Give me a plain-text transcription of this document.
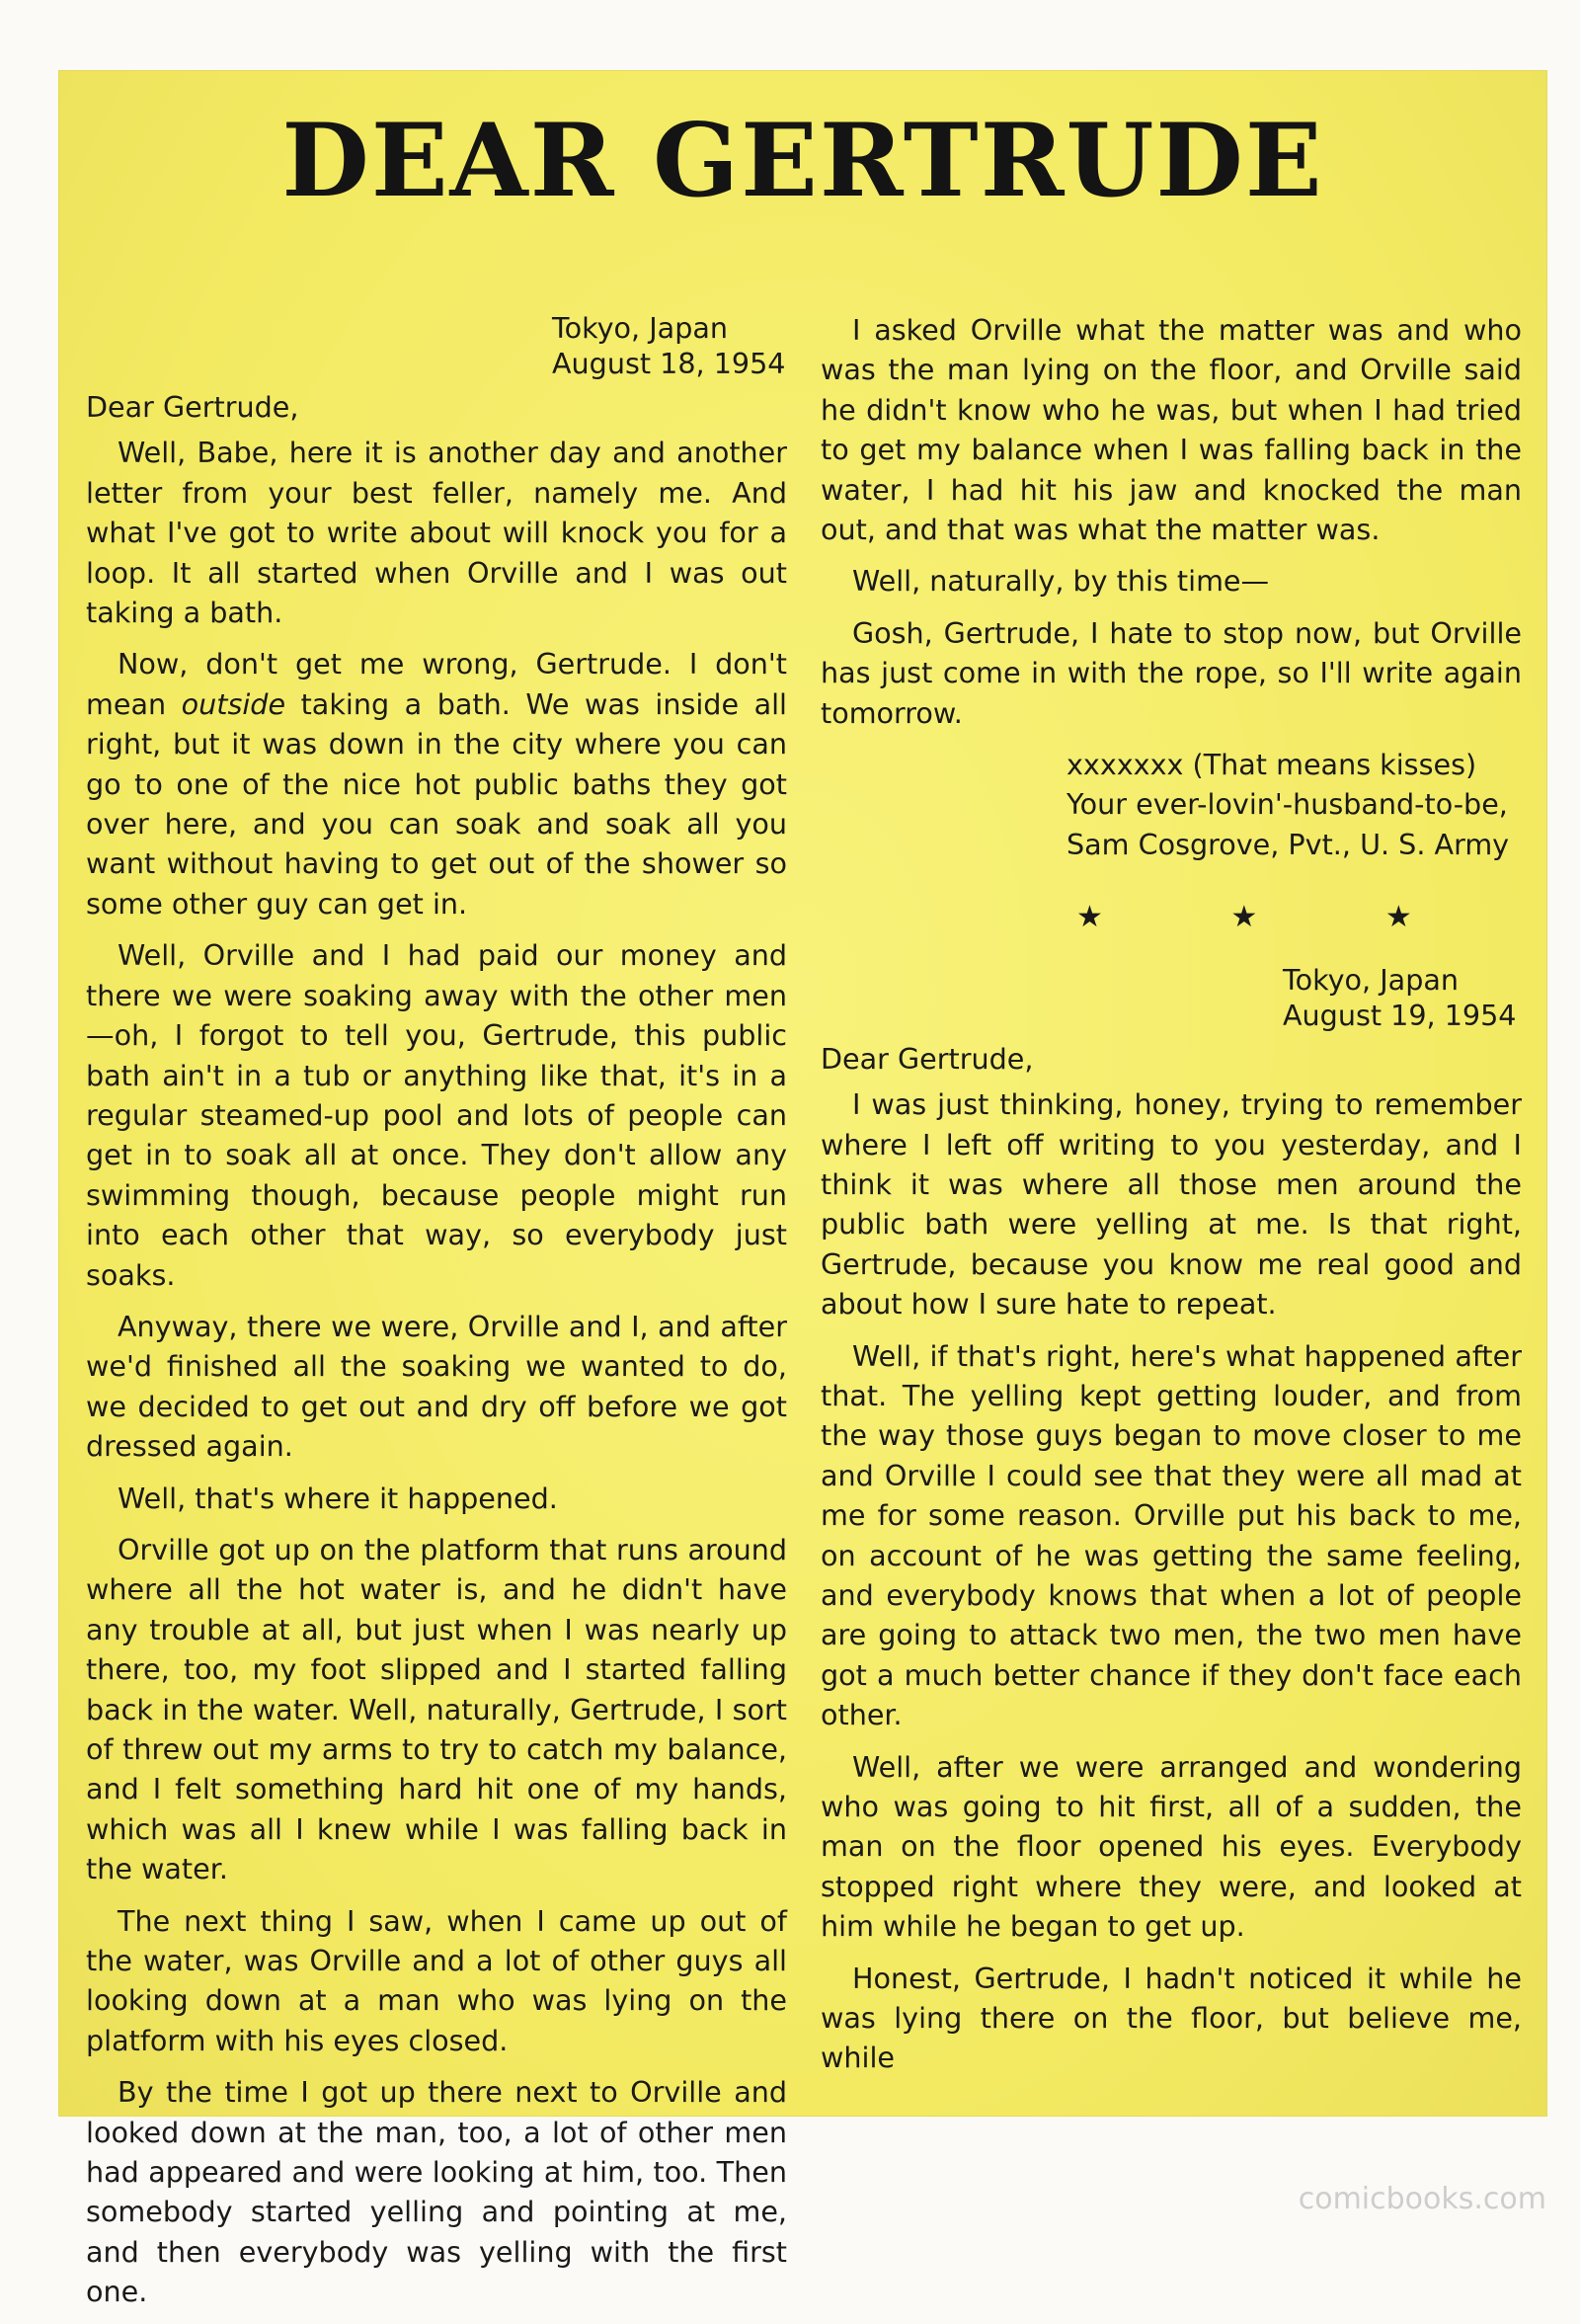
DEAR GERTRUDE
Tokyo, Japan
August 18, 1954
Dear Gertrude,

Well, Babe, here it is another day and another letter from your best feller, namely me. And what I've got to write about will knock you for a loop. It all started when Orville and I was out taking a bath.

Now, don't get me wrong, Gertrude. I don't mean outside taking a bath. We was inside all right, but it was down in the city where you can go to one of the nice hot public baths they got over here, and you can soak and soak all you want without having to get out of the shower so some other guy can get in.

Well, Orville and I had paid our money and there we were soaking away with the other men—oh, I forgot to tell you, Gertrude, this public bath ain't in a tub or anything like that, it's in a regular steamed-up pool and lots of people can get in to soak all at once. They don't allow any swimming though, because people might run into each other that way, so everybody just soaks.

Anyway, there we were, Orville and I, and after we'd finished all the soaking we wanted to do, we decided to get out and dry off before we got dressed again.

Well, that's where it happened.

Orville got up on the platform that runs around where all the hot water is, and he didn't have any trouble at all, but just when I was nearly up there, too, my foot slipped and I started falling back in the water. Well, naturally, Gertrude, I sort of threw out my arms to try to catch my balance, and I felt something hard hit one of my hands, which was all I knew while I was falling back in the water.

The next thing I saw, when I came up out of the water, was Orville and a lot of other guys all looking down at a man who was lying on the platform with his eyes closed.

By the time I got up there next to Orville and looked down at the man, too, a lot of other men had appeared and were looking at him, too. Then somebody started yelling and pointing at me, and then everybody was yelling with the first one.

I asked Orville what the matter was and who was the man lying on the floor, and Orville said he didn't know who he was, but when I had tried to get my balance when I was falling back in the water, I had hit his jaw and knocked the man out, and that was what the matter was.

Well, naturally, by this time—

Gosh, Gertrude, I hate to stop now, but Orville has just come in with the rope, so I'll write again tomorrow.

xxxxxxx (That means kisses)
Your ever-lovin'-husband-to-be,
Sam Cosgrove, Pvt., U. S. Army
★ ★ ★
Tokyo, Japan
August 19, 1954
Dear Gertrude,

I was just thinking, honey, trying to remember where I left off writing to you yesterday, and I think it was where all those men around the public bath were yelling at me. Is that right, Gertrude, because you know me real good and about how I sure hate to repeat.

Well, if that's right, here's what happened after that. The yelling kept getting louder, and from the way those guys began to move closer to me and Orville I could see that they were all mad at me for some reason. Orville put his back to me, on account of he was getting the same feeling, and everybody knows that when a lot of people are going to attack two men, the two men have got a much better chance if they don't face each other.

Well, after we were arranged and wondering who was going to hit first, all of a sudden, the man on the floor opened his eyes. Everybody stopped right where they were, and looked at him while he began to get up.

Honest, Gertrude, I hadn't noticed it while he was lying there on the floor, but believe me, while

comicbooks.com
